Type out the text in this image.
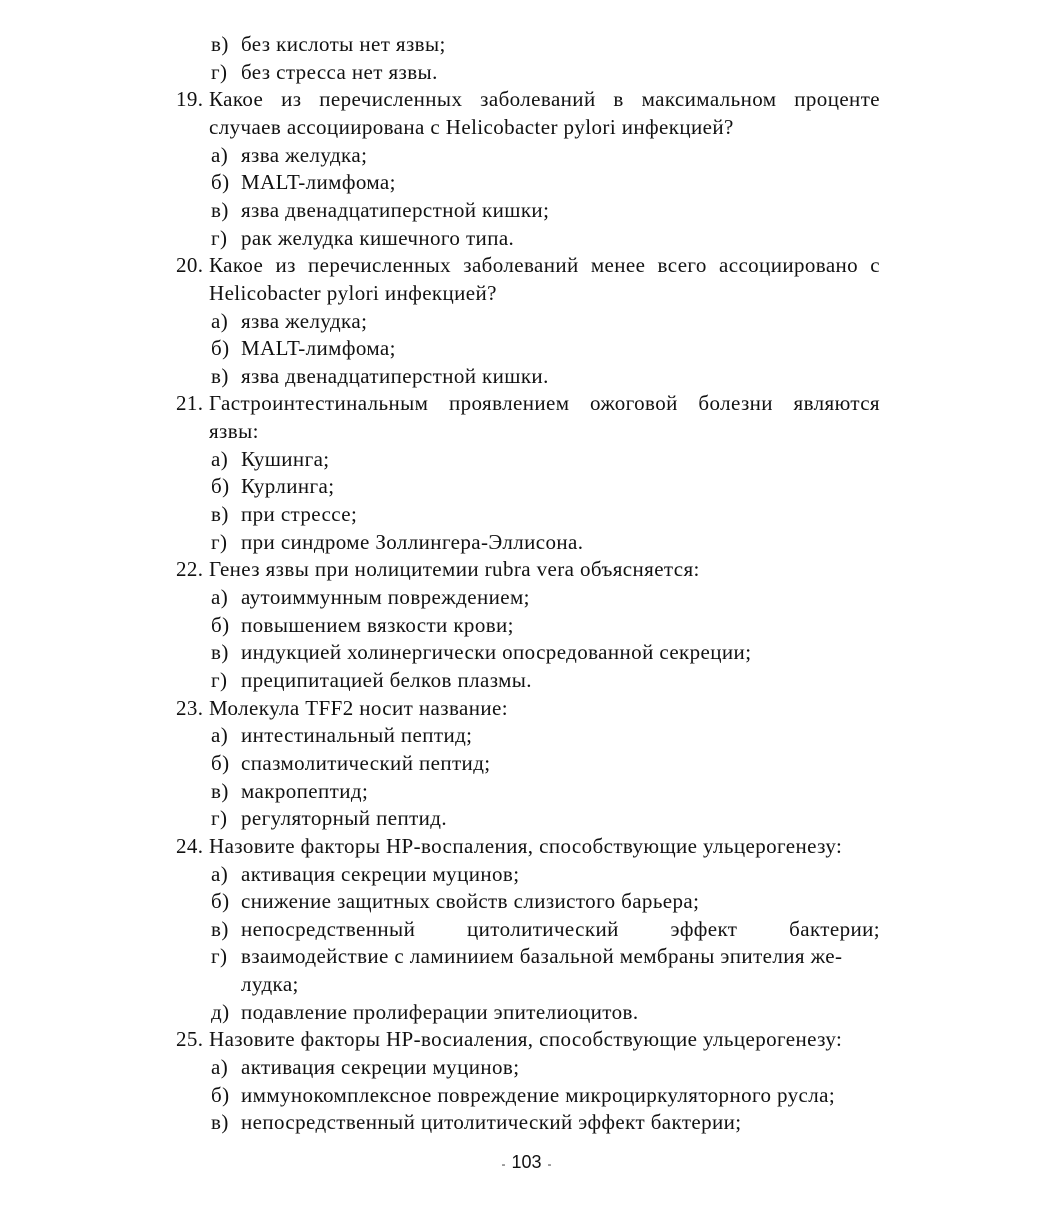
в) без кислоты нет язвы;
г) без стресса нет язвы.
19. Какое из перечисленных заболеваний в максимальном проценте
случаев ассоциирована с Helicobacter pylori инфекцией?
а) язва желудка;
б) MALT-лимфома;
в) язва двенадцатиперстной кишки;
г) рак желудка кишечного типа.
20. Какое из перечисленных заболеваний менее всего ассоциировано с
Helicobacter pylori инфекцией?
а) язва желудка;
б) MALT-лимфома;
в) язва двенадцатиперстной кишки.
21. Гастроинтестинальным проявлением ожоговой болезни являются
язвы:
а) Кушинга;
б) Курлинга;
в) при стрессе;
г) при синдроме Золлингера-Эллисона.
22. Генез язвы при нолицитемии rubra vera объясняется:
а) аутоиммунным повреждением;
б) повышением вязкости крови;
в) индукцией холинергически опосредованной секреции;
г) преципитацией белков плазмы.
23. Молекула TFF2 носит название:
а) интестинальный пептид;
б) спазмолитический пептид;
в) макропептид;
г) регуляторный пептид.
24. Назовите факторы HP-воспаления, способствующие ульцерогенезу:
а) активация секреции муцинов;
б) снижение защитных свойств слизистого барьера;
в) непосредственный цитолитический эффект бактерии;
г) взаимодействие с ламиниием базальной мембраны эпителия же-
лудка;
д) подавление пролиферации эпителиоцитов.
25. Назовите факторы HP-восиаления, способствующие ульцерогенезу:
а) активация секреции муцинов;
б) иммунокомплексное повреждение микроциркуляторного русла;
в) непосредственный цитолитический эффект бактерии;
- 103 -
